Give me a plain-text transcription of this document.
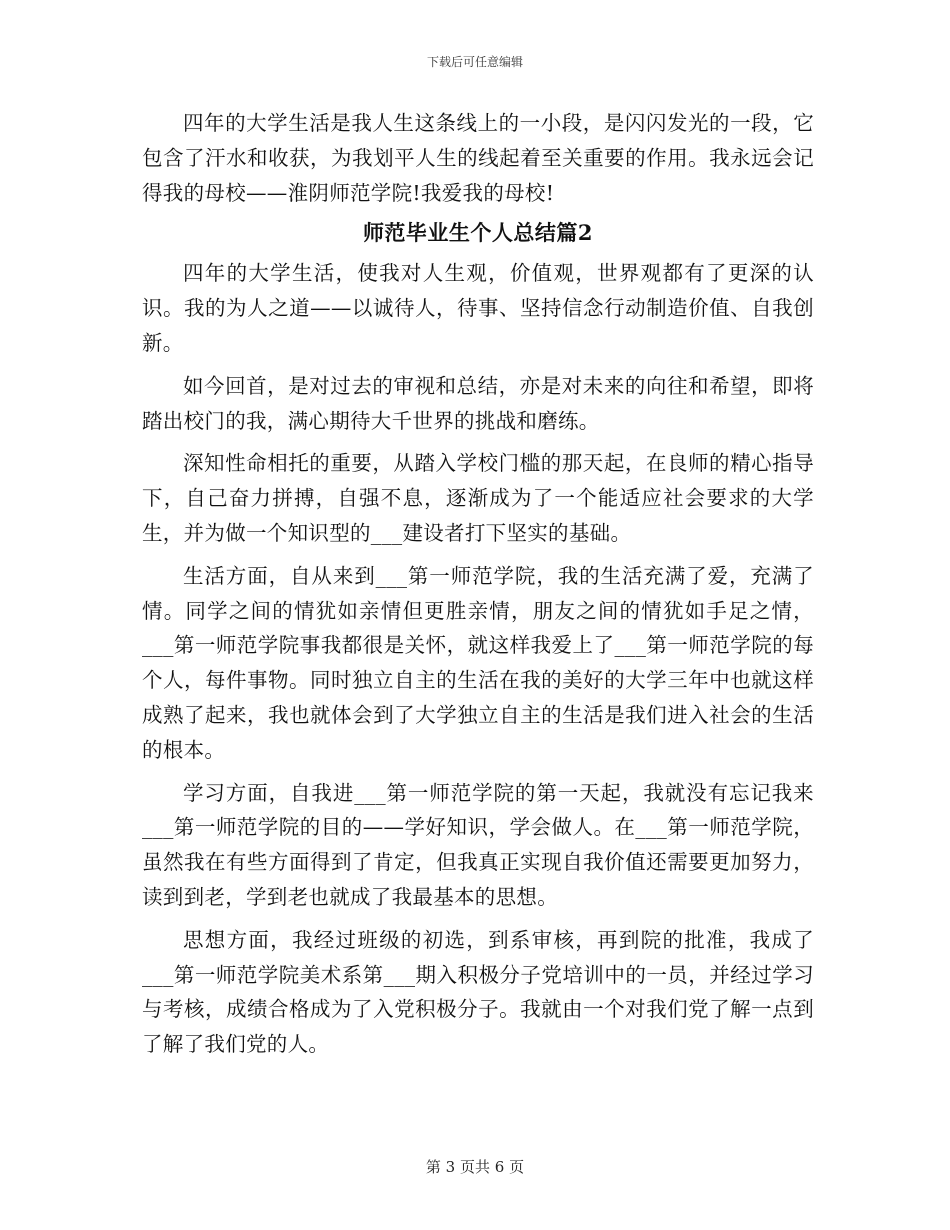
下载后可任意编辑

四年的大学生活是我人生这条线上的一小段，是闪闪发光的一段，它包含了汗水和收获，为我划平人生的线起着至关重要的作用。我永远会记得我的母校——淮阴师范学院!我爱我的母校!

师范毕业生个人总结篇2

四年的大学生活，使我对人生观，价值观，世界观都有了更深的认识。我的为人之道——以诚待人，待事、坚持信念行动制造价值、自我创新。

如今回首，是对过去的审视和总结，亦是对未来的向往和希望，即将踏出校门的我，满心期待大千世界的挑战和磨练。

深知性命相托的重要，从踏入学校门槛的那天起，在良师的精心指导下，自己奋力拼搏，自强不息，逐渐成为了一个能适应社会要求的大学生，并为做一个知识型的___建设者打下坚实的基础。

生活方面，自从来到___第一师范学院，我的生活充满了爱，充满了情。同学之间的情犹如亲情但更胜亲情，朋友之间的情犹如手足之情，___第一师范学院事我都很是关怀，就这样我爱上了___第一师范学院的每个人，每件事物。同时独立自主的生活在我的美好的大学三年中也就这样成熟了起来，我也就体会到了大学独立自主的生活是我们进入社会的生活的根本。

学习方面，自我进___第一师范学院的第一天起，我就没有忘记我来___第一师范学院的目的——学好知识，学会做人。在___第一师范学院，虽然我在有些方面得到了肯定，但我真正实现自我价值还需要更加努力，读到到老，学到老也就成了我最基本的思想。

思想方面，我经过班级的初选，到系审核，再到院的批准，我成了___第一师范学院美术系第___期入积极分子党培训中的一员，并经过学习与考核，成绩合格成为了入党积极分子。我就由一个对我们党了解一点到了解了我们党的人。

第 3 页共 6 页
